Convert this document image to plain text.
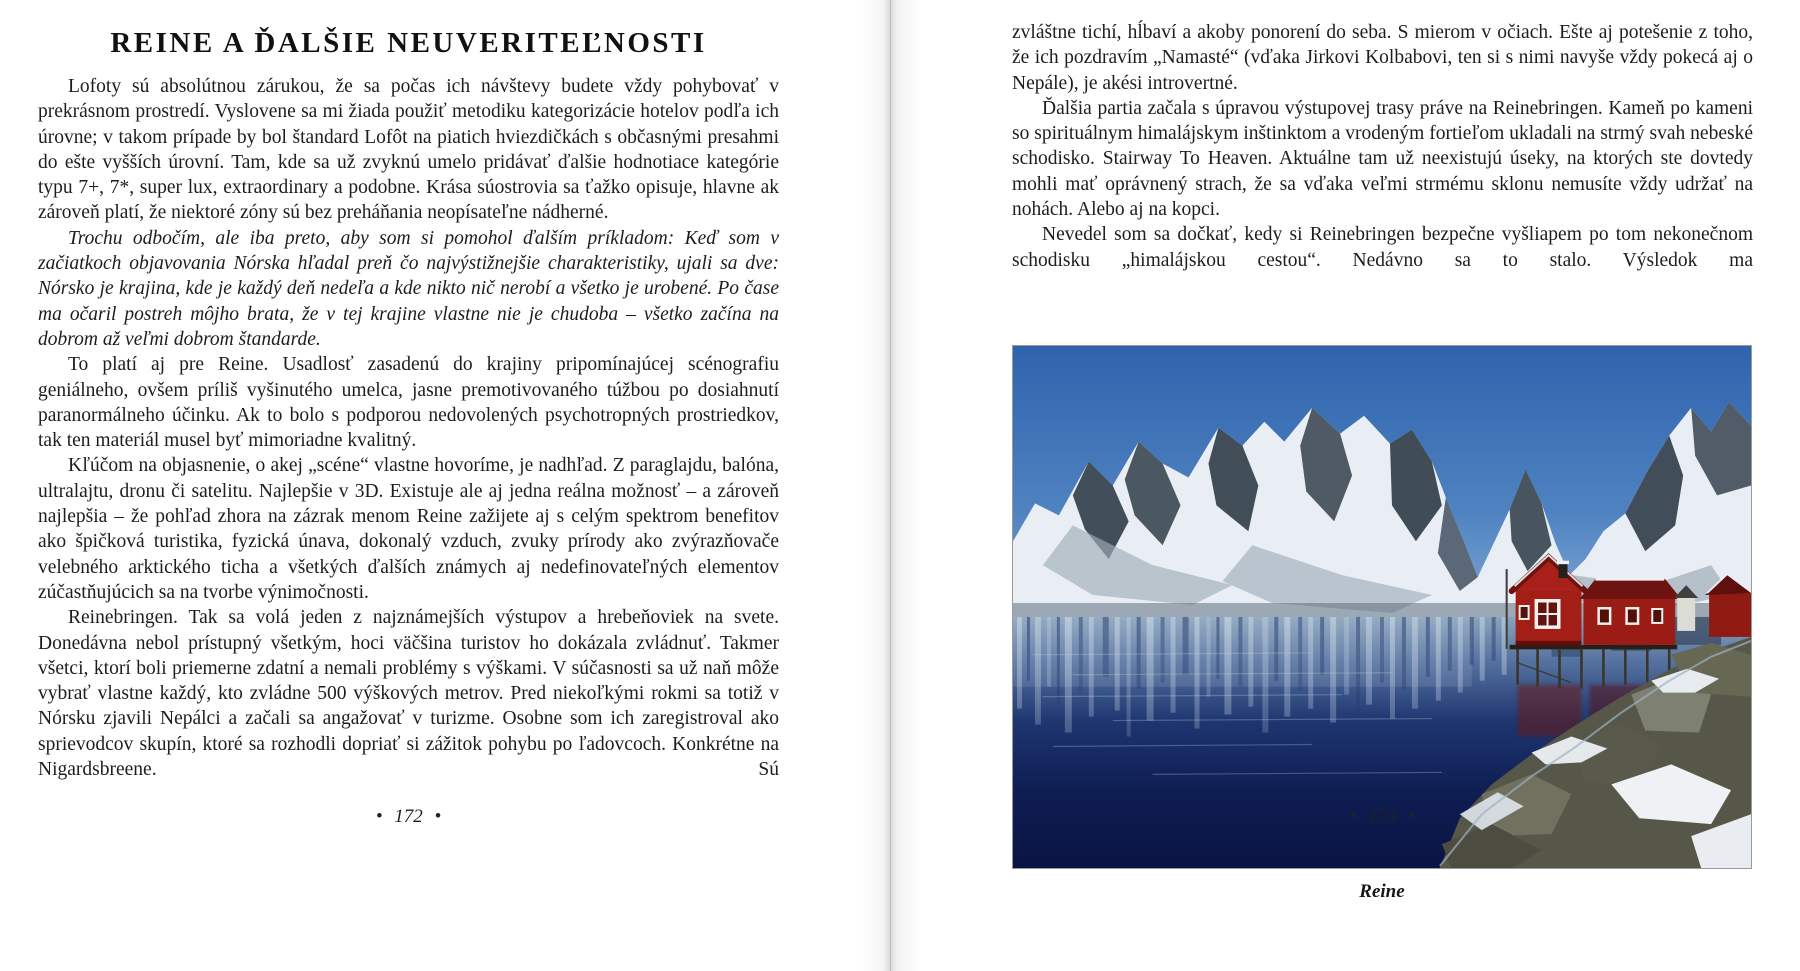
REINE A ĎALŠIE NEUVERITEĽNOSTI

Lofoty sú absolútnou zárukou, že sa počas ich návštevy budete vždy pohybovať v prekrásnom prostredí. Vyslovene sa mi žiada použiť metodiku kategorizácie hotelov podľa ich úrovne; v takom prípade by bol štandard Lofôt na piatich hviezdičkách s občasnými presahmi do ešte vyšších úrovní. Tam, kde sa už zvyknú umelo pridávať ďalšie hodnotiace kategórie typu 7+, 7*, super lux, extraordinary a podobne. Krása súostrovia sa ťažko opisuje, hlavne ak zároveň platí, že niektoré zóny sú bez preháňania neopísateľne nádherné.

Trochu odbočím, ale iba preto, aby som si pomohol ďalším príkladom: Keď som v začiatkoch objavovania Nórska hľadal preň čo najvýstižnejšie charakteristiky, ujali sa dve: Nórsko je krajina, kde je každý deň nedeľa a kde nikto nič nerobí a všetko je urobené. Po čase ma očaril postreh môjho brata, že v tej krajine vlastne nie je chudoba – všetko začína na dobrom až veľmi dobrom štandarde.

To platí aj pre Reine. Usadlosť zasadenú do krajiny pripomínajúcej scénografiu geniálneho, ovšem príliš vyšinutého umelca, jasne premotivovaného túžbou po dosiahnutí paranormálneho účinku. Ak to bolo s podporou nedovolených psychotropných prostriedkov, tak ten materiál musel byť mimoriadne kvalitný.

Kľúčom na objasnenie, o akej „scéne“ vlastne hovoríme, je nadhľad. Z paraglajdu, balóna, ultralajtu, dronu či satelitu. Najlepšie v 3D. Existuje ale aj jedna reálna možnosť – a zároveň najlepšia – že pohľad zhora na zázrak menom Reine zažijete aj s celým spektrom benefitov ako špičková turistika, fyzická únava, dokonalý vzduch, zvuky prírody ako zvýrazňovače velebného arktického ticha a všetkých ďalších známych aj nedefinovateľných elementov zúčastňujúcich sa na tvorbe výnimočnosti.

Reinebringen. Tak sa volá jeden z najznámejších výstupov a hrebeňoviek na svete. Donedávna nebol prístupný všetkým, hoci väčšina turistov ho dokázala zvládnuť. Takmer všetci, ktorí boli priemerne zdatní a nemali problémy s výškami. V súčasnosti sa už naň môže vybrať vlastne každý, kto zvládne 500 výškových metrov. Pred niekoľkými rokmi sa totiž v Nórsku zjavili Nepálci a začali sa angažovať v turizme. Osobne som ich zaregistroval ako sprievodcov skupín, ktoré sa rozhodli dopriať si zážitok pohybu po ľadovcoch. Konkrétne na Nigardsbreene. Sú

• 172 •

zvláštne tichí, hĺbaví a akoby ponorení do seba. S mierom v očiach. Ešte aj potešenie z toho, že ich pozdravím „Namasté“ (vďaka Jirkovi Kolbabovi, ten si s nimi navyše vždy pokecá aj o Nepále), je akési introvertné.

Ďalšia partia začala s úpravou výstupovej trasy práve na Reinebringen. Kameň po kameni so spirituálnym himalájskym inštinktom a vrodeným fortieľom ukladali na strmý svah nebeské schodisko. Stairway To Heaven. Aktuálne tam už neexistujú úseky, na ktorých ste dovtedy mohli mať oprávnený strach, že sa vďaka veľmi strmému sklonu nemusíte vždy udržať na nohách. Alebo aj na kopci.

Nevedel som sa dočkať, kedy si Reinebringen bezpečne vyšliapem po tom nekonečnom schodisku „himalájskou cestou“. Nedávno sa to stalo. Výsledok ma

Reine
• 173 •
